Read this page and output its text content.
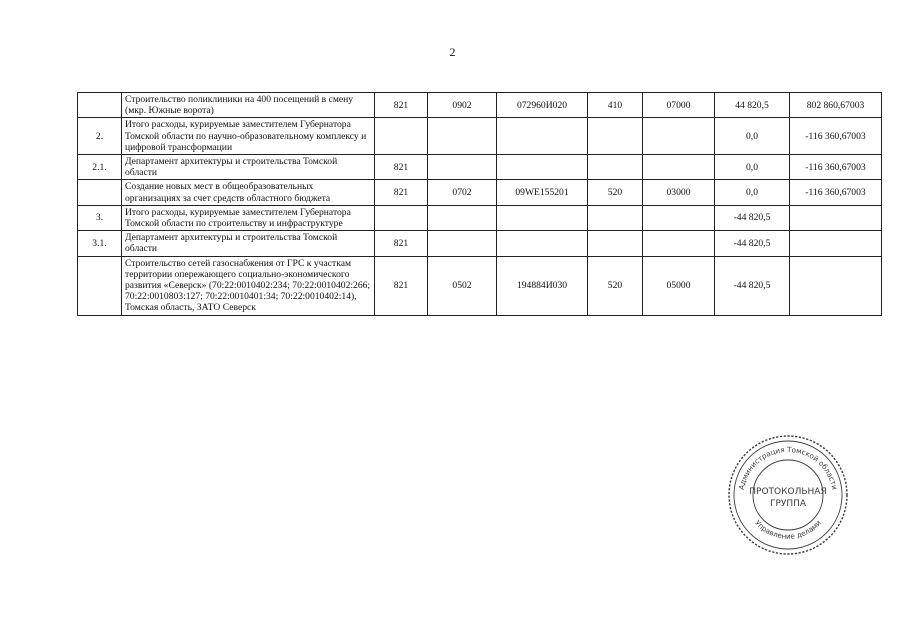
2
	Строительство поликлиники на 400 посещений в смену (мкр. Южные ворота)	821	0902	072960И020	410	07000	44 820,5	802 860,67003
2.	Итого расходы, курируемые заместителем Губернатора Томской области по научно-образовательному комплексу и цифровой трансформации						0,0	-116 360,67003
2.1.	Департамент архитектуры и строительства Томской области	821					0,0	-116 360,67003
	Создание новых мест в общеобразовательных организациях за счет средств областного бюджета	821	0702	09WE155201	520	03000	0,0	-116 360,67003
3.	Итого расходы, курируемые заместителем Губернатора Томской области по строительству и инфраструктуре						-44 820,5	
3.1.	Департамент архитектуры и строительства Томской области	821					-44 820,5	
	Строительство сетей газоснабжения от ГРС к участкам территории опережающего социально-экономического развития «Северск» (70:22:0010402:234; 70:22:0010402:266; 70:22:0010803:127; 70:22:0010401:34; 70:22:0010402:14), Томская область, ЗАТО Северск	821	0502	194884И030	520	05000	-44 820,5	
Администрация Томской области
Управление делами
ПРОТОКОЛЬНАЯ
ГРУППА
